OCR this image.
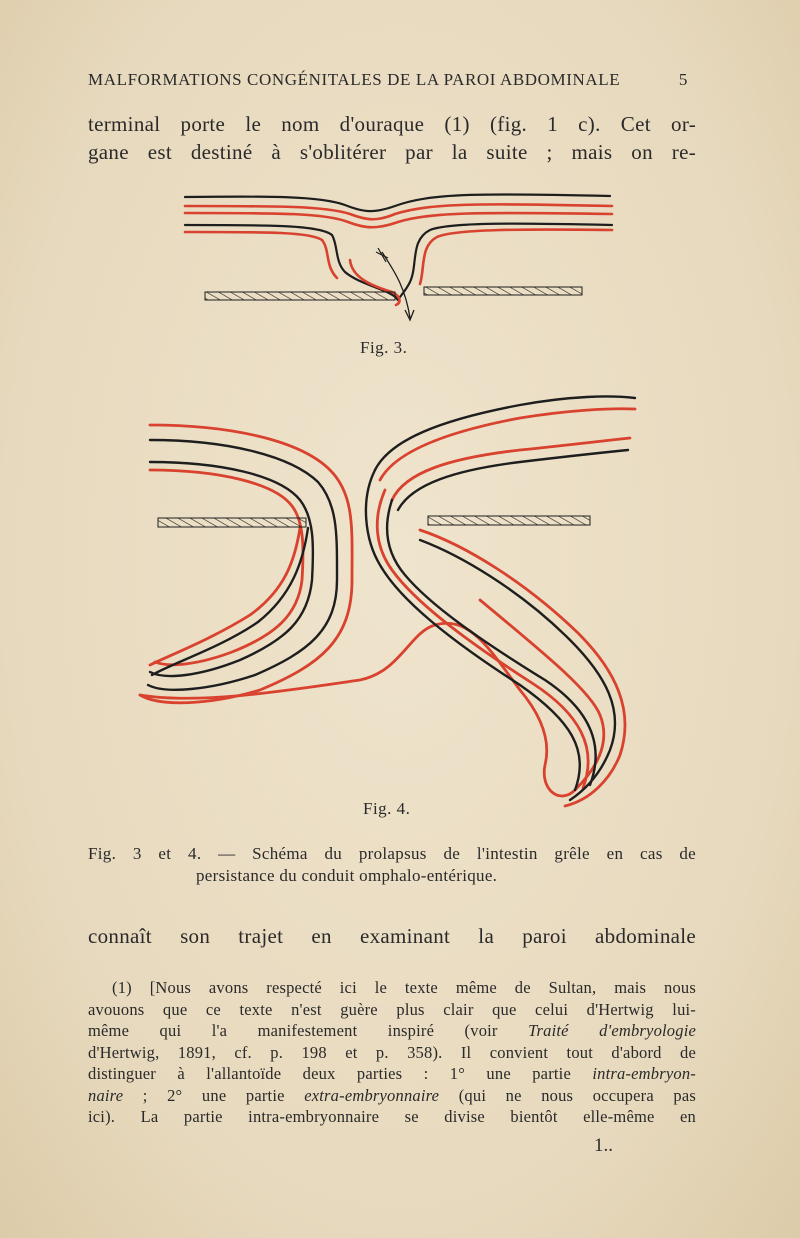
MALFORMATIONS CONGÉNITALES DE LA PAROI ABDOMINALE	5
terminal porte le nom d'ouraque (1) (fig. 1 c). Cet or-
gane est destiné à s'oblitérer par la suite ; mais on re-
Fig. 3.
Fig. 4.
Fig. 3 et 4. — Schéma du prolapsus de l'intestin grêle en cas de
persistance du conduit omphalo-entérique.
connaît son trajet en examinant la paroi abdominale
(1) [Nous avons respecté ici le texte même de Sultan, mais nous
avouons que ce texte n'est guère plus clair que celui d'Hertwig lui-
même qui l'a manifestement inspiré (voir Traité d'embryologie
d'Hertwig, 1891, cf. p. 198 et p. 358). Il convient tout d'abord de
distinguer à l'allantoïde deux parties : 1° une partie intra-embryon-
naire ; 2° une partie extra-embryonnaire (qui ne nous occupera pas
ici). La partie intra-embryonnaire se divise bientôt elle-même en
1..
